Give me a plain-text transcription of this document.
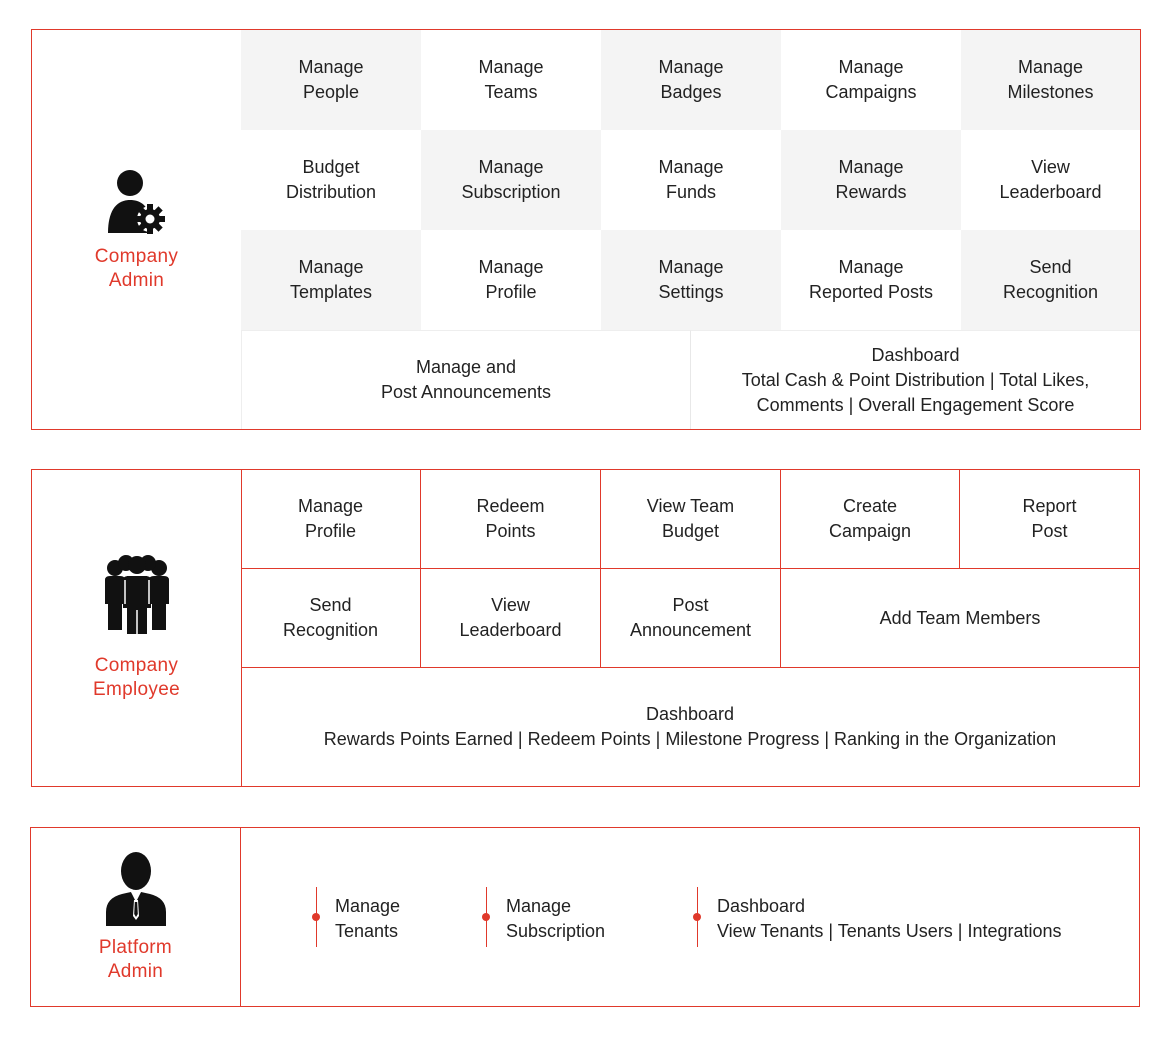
Company
Admin
Manage
People
Manage
Teams
Manage
Badges
Manage
Campaigns
Manage
Milestones
Budget
Distribution
Manage
Subscription
Manage
Funds
Manage
Rewards
View
Leaderboard
Manage
Templates
Manage
Profile
Manage
Settings
Manage
Reported Posts
Send
Recognition
Manage and
Post Announcements
Dashboard
Total Cash & Point Distribution | Total Likes,
Comments | Overall Engagement Score
Company
Employee
Manage
Profile
Redeem
Points
View Team
Budget
Create
Campaign
Report
Post
Send
Recognition
View
Leaderboard
Post
Announcement
Add Team Members
Dashboard
Rewards Points Earned | Redeem Points | Milestone Progress | Ranking in the Organization
Platform
Admin
Manage
Tenants
Manage
Subscription
Dashboard
View Tenants | Tenants Users | Integrations
